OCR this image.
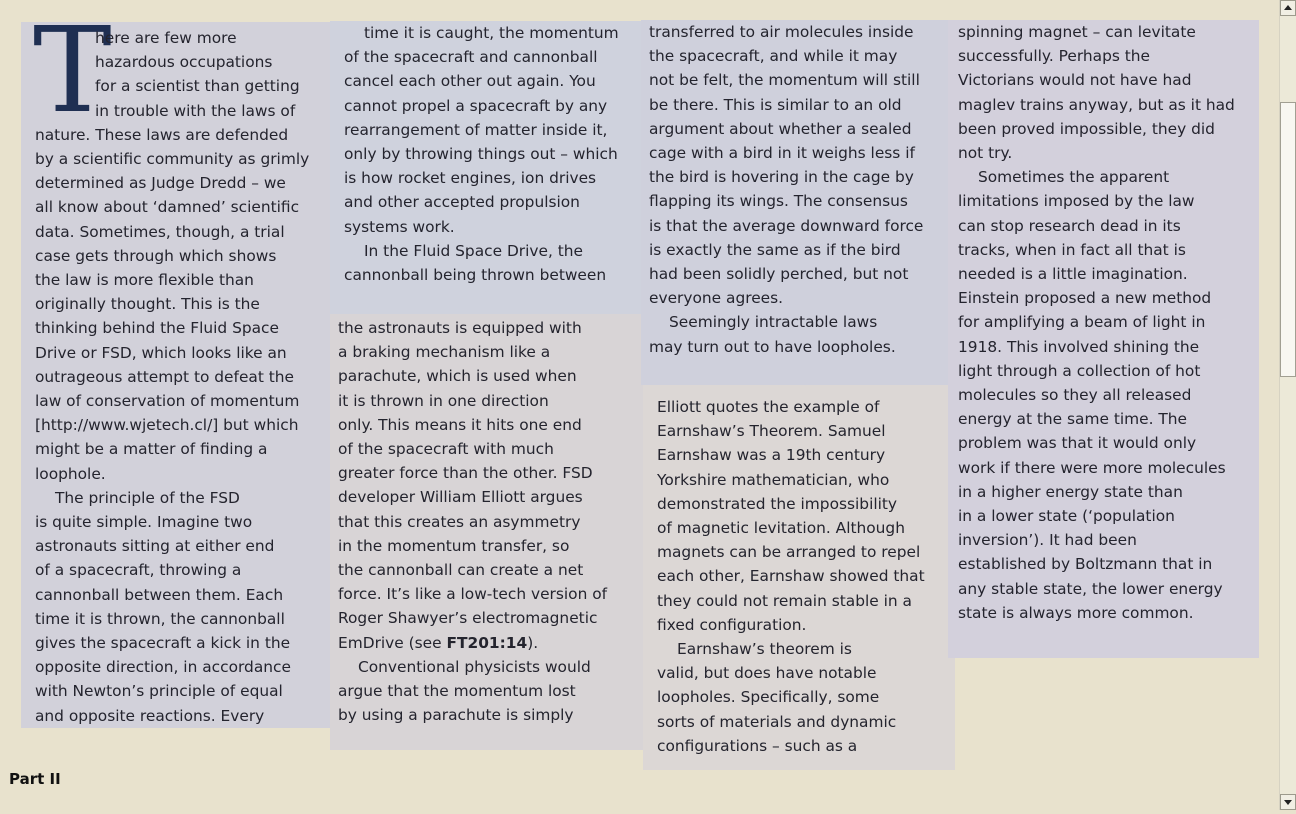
T

here are few more

hazardous occupations

for a scientist than getting

in trouble with the laws of

nature. These laws are defended

by a scientific community as grimly

determined as Judge Dredd – we

all know about ‘damned’ scientific

data. Sometimes, though, a trial

case gets through which shows

the law is more flexible than

originally thought. This is the

thinking behind the Fluid Space

Drive or FSD, which looks like an

outrageous attempt to defeat the

law of conservation of momentum

[http://www.wjetech.cl/] but which

might be a matter of finding a

loophole.

The principle of the FSD

is quite simple. Imagine two

astronauts sitting at either end

of a spacecraft, throwing a

cannonball between them. Each

time it is thrown, the cannonball

gives the spacecraft a kick in the

opposite direction, in accordance

with Newton’s principle of equal

and opposite reactions. Every

time it is caught, the momentum

of the spacecraft and cannonball

cancel each other out again. You

cannot propel a spacecraft by any

rearrangement of matter inside it,

only by throwing things out – which

is how rocket engines, ion drives

and other accepted propulsion

systems work.

In the Fluid Space Drive, the

cannonball being thrown between

the astronauts is equipped with

a braking mechanism like a

parachute, which is used when

it is thrown in one direction

only. This means it hits one end

of the spacecraft with much

greater force than the other. FSD

developer William Elliott argues

that this creates an asymmetry

in the momentum transfer, so

the cannonball can create a net

force. It’s like a low-tech version of

Roger Shawyer’s electromagnetic

EmDrive (see FT201:14).

Conventional physicists would

argue that the momentum lost

by using a parachute is simply

transferred to air molecules inside

the spacecraft, and while it may

not be felt, the momentum will still

be there. This is similar to an old

argument about whether a sealed

cage with a bird in it weighs less if

the bird is hovering in the cage by

flapping its wings. The consensus

is that the average downward force

is exactly the same as if the bird

had been solidly perched, but not

everyone agrees.

Seemingly intractable laws

may turn out to have loopholes.

Elliott quotes the example of

Earnshaw’s Theorem. Samuel

Earnshaw was a 19th century

Yorkshire mathematician, who

demonstrated the impossibility

of magnetic levitation. Although

magnets can be arranged to repel

each other, Earnshaw showed that

they could not remain stable in a

fixed configuration.

Earnshaw’s theorem is

valid, but does have notable

loopholes. Specifically, some

sorts of materials and dynamic

configurations – such as a

spinning magnet – can levitate

successfully. Perhaps the

Victorians would not have had

maglev trains anyway, but as it had

been proved impossible, they did

not try.

Sometimes the apparent

limitations imposed by the law

can stop research dead in its

tracks, when in fact all that is

needed is a little imagination.

Einstein proposed a new method

for amplifying a beam of light in

1918. This involved shining the

light through a collection of hot

molecules so they all released

energy at the same time. The

problem was that it would only

work if there were more molecules

in a higher energy state than

in a lower state (‘population

inversion’). It had been

established by Boltzmann that in

any stable state, the lower energy

state is always more common.

Part II
